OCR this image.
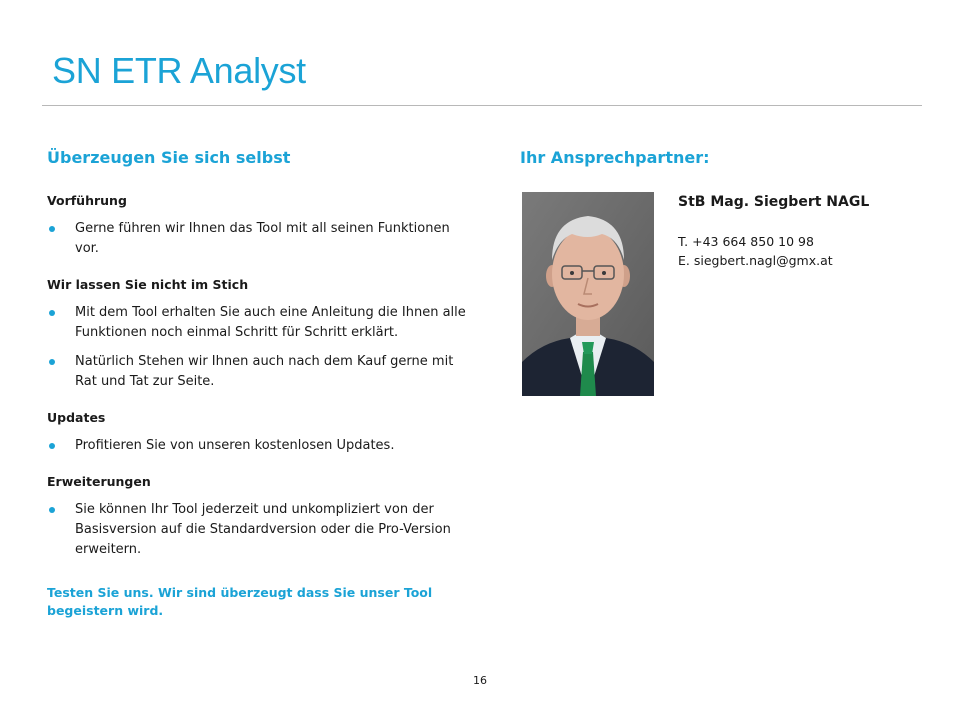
SN ETR Analyst

Überzeugen Sie sich selbst

Vorführung

Gerne führen wir Ihnen das Tool mit all seinen Funktionen vor.

Wir lassen Sie nicht im Stich

Mit dem Tool erhalten Sie auch eine Anleitung die Ihnen alle Funktionen noch einmal Schritt für Schritt erklärt.
Natürlich Stehen wir Ihnen auch nach dem Kauf gerne mit Rat und Tat zur Seite.

Updates

Profitieren Sie von unseren kostenlosen Updates.

Erweiterungen

Sie können Ihr Tool jederzeit und unkompliziert von der Basisversion auf die Standardversion oder die Pro-Version erweitern.

Testen Sie uns. Wir sind überzeugt dass Sie unser Tool begeistern wird.

Ihr Ansprechpartner:

StB Mag. Siegbert NAGL

T. +43 664 850 10 98

E. siegbert.nagl@gmx.at

16
